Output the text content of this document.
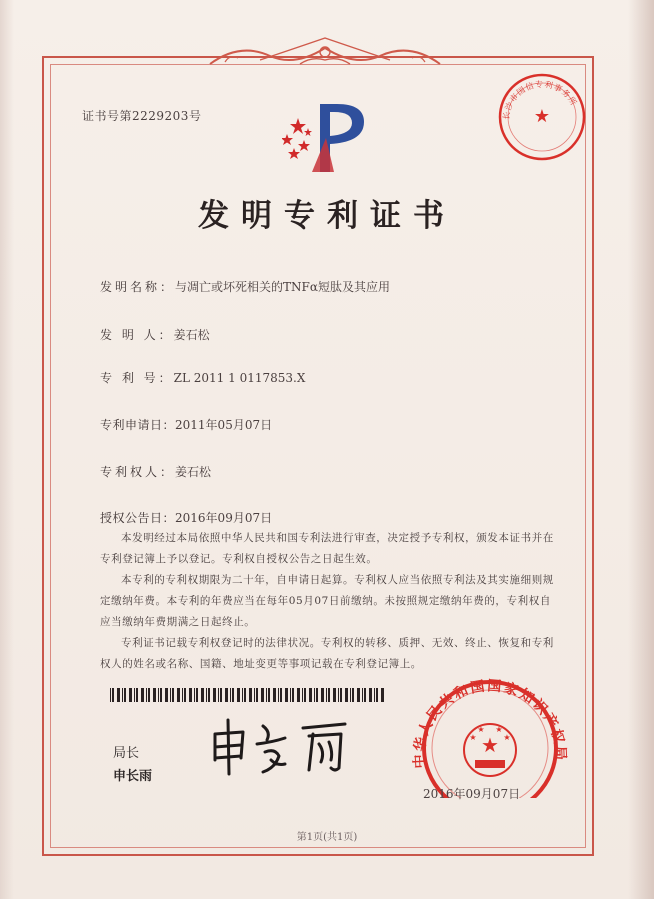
证书号第2229203号	长沙市国信专利事务所
★
发明专利证书
发明名称：与凋亡或坏死相关的TNFα短肽及其应用
发 明 人：姜石松
专 利 号：ZL 2011 1 0117853.X
专利申请日：2011年05月07日
专利权人：姜石松
授权公告日：2016年09月07日
本发明经过本局依照中华人民共和国专利法进行审查，决定授予专利权，颁发本证书并在专利登记簿上予以登记。专利权自授权公告之日起生效。
本专利的专利权期限为二十年，自申请日起算。专利权人应当依照专利法及其实施细则规定缴纳年费。本专利的年费应当在每年05月07日前缴纳。未按照规定缴纳年费的，专利权自应当缴纳年费期满之日起终止。
专利证书记载专利权登记时的法律状况。专利权的转移、质押、无效、终止、恢复和专利权人的姓名或名称、国籍、地址变更等事项记载在专利登记簿上。
局长
申长雨
中华人民共和国国家知识产权局
★
★
★ ★
★
2016年09月07日
第1页(共1页)
